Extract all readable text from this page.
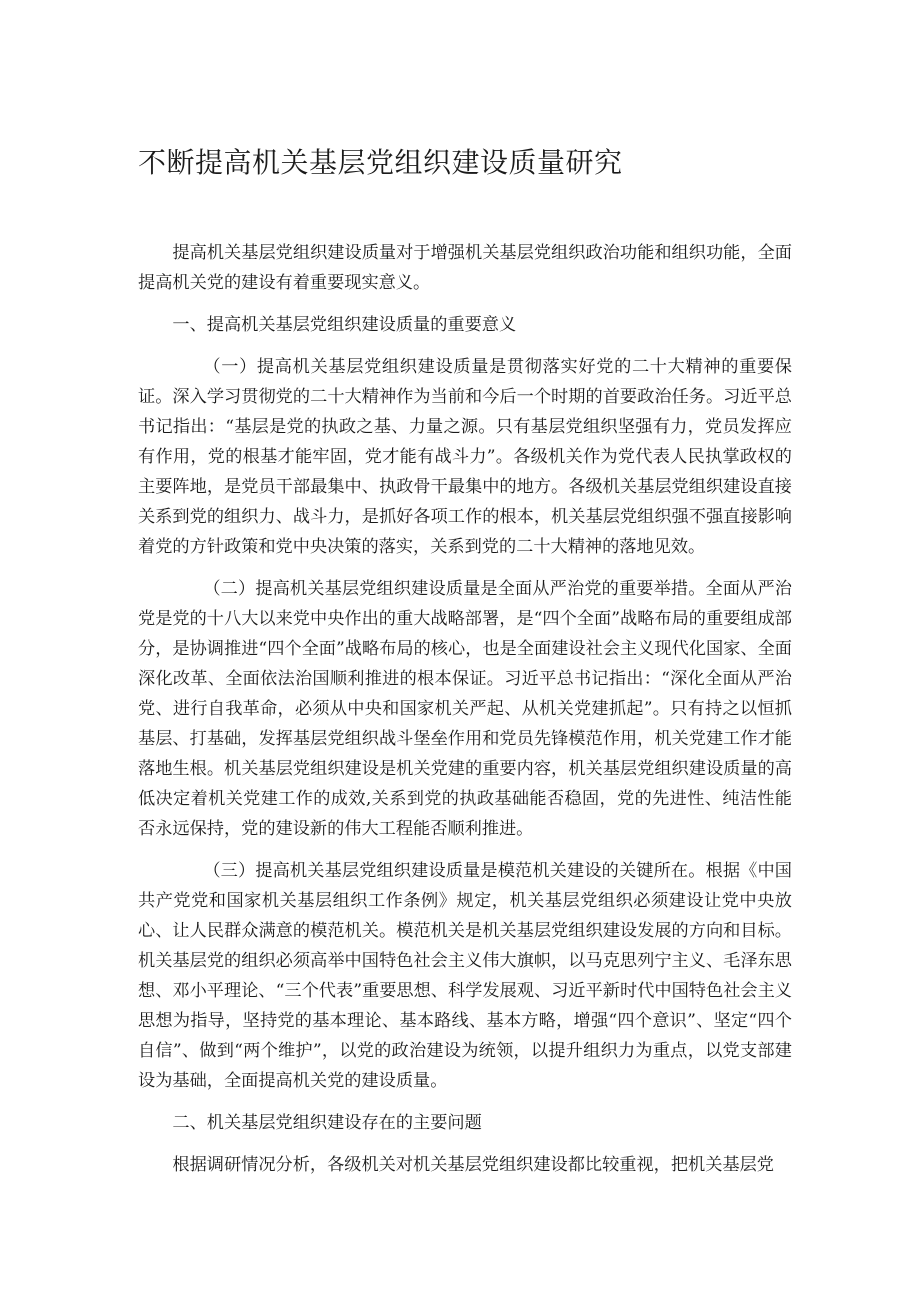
不断提高机关基层党组织建设质量研究

提高机关基层党组织建设质量对于增强机关基层党组织政治功能和组织功能，全面提高机关党的建设有着重要现实意义。

一、提高机关基层党组织建设质量的重要意义

（一）提高机关基层党组织建设质量是贯彻落实好党的二十大精神的重要保证。深入学习贯彻党的二十大精神作为当前和今后一个时期的首要政治任务。习近平总书记指出：“基层是党的执政之基、力量之源。只有基层党组织坚强有力，党员发挥应有作用，党的根基才能牢固，党才能有战斗力”。各级机关作为党代表人民执掌政权的主要阵地，是党员干部最集中、执政骨干最集中的地方。各级机关基层党组织建设直接关系到党的组织力、战斗力，是抓好各项工作的根本，机关基层党组织强不强直接影响着党的方针政策和党中央决策的落实，关系到党的二十大精神的落地见效。

（二）提高机关基层党组织建设质量是全面从严治党的重要举措。全面从严治党是党的十八大以来党中央作出的重大战略部署，是“四个全面”战略布局的重要组成部分，是协调推进“四个全面”战略布局的核心，也是全面建设社会主义现代化国家、全面深化改革、全面依法治国顺利推进的根本保证。习近平总书记指出：“深化全面从严治党、进行自我革命，必须从中央和国家机关严起、从机关党建抓起”。只有持之以恒抓基层、打基础，发挥基层党组织战斗堡垒作用和党员先锋模范作用，机关党建工作才能落地生根。机关基层党组织建设是机关党建的重要内容，机关基层党组织建设质量的高低决定着机关党建工作的成效,关系到党的执政基础能否稳固，党的先进性、纯洁性能否永远保持，党的建设新的伟大工程能否顺利推进。

（三）提高机关基层党组织建设质量是模范机关建设的关键所在。根据《中国共产党党和国家机关基层组织工作条例》规定，机关基层党组织必须建设让党中央放心、让人民群众满意的模范机关。模范机关是机关基层党组织建设发展的方向和目标。机关基层党的组织必须高举中国特色社会主义伟大旗帜，以马克思列宁主义、毛泽东思想、邓小平理论、“三个代表”重要思想、科学发展观、习近平新时代中国特色社会主义思想为指导，坚持党的基本理论、基本路线、基本方略，增强“四个意识”、坚定“四个自信”、做到“两个维护”，以党的政治建设为统领，以提升组织力为重点，以党支部建设为基础，全面提高机关党的建设质量。

二、机关基层党组织建设存在的主要问题

根据调研情况分析，各级机关对机关基层党组织建设都比较重视，把机关基层党
